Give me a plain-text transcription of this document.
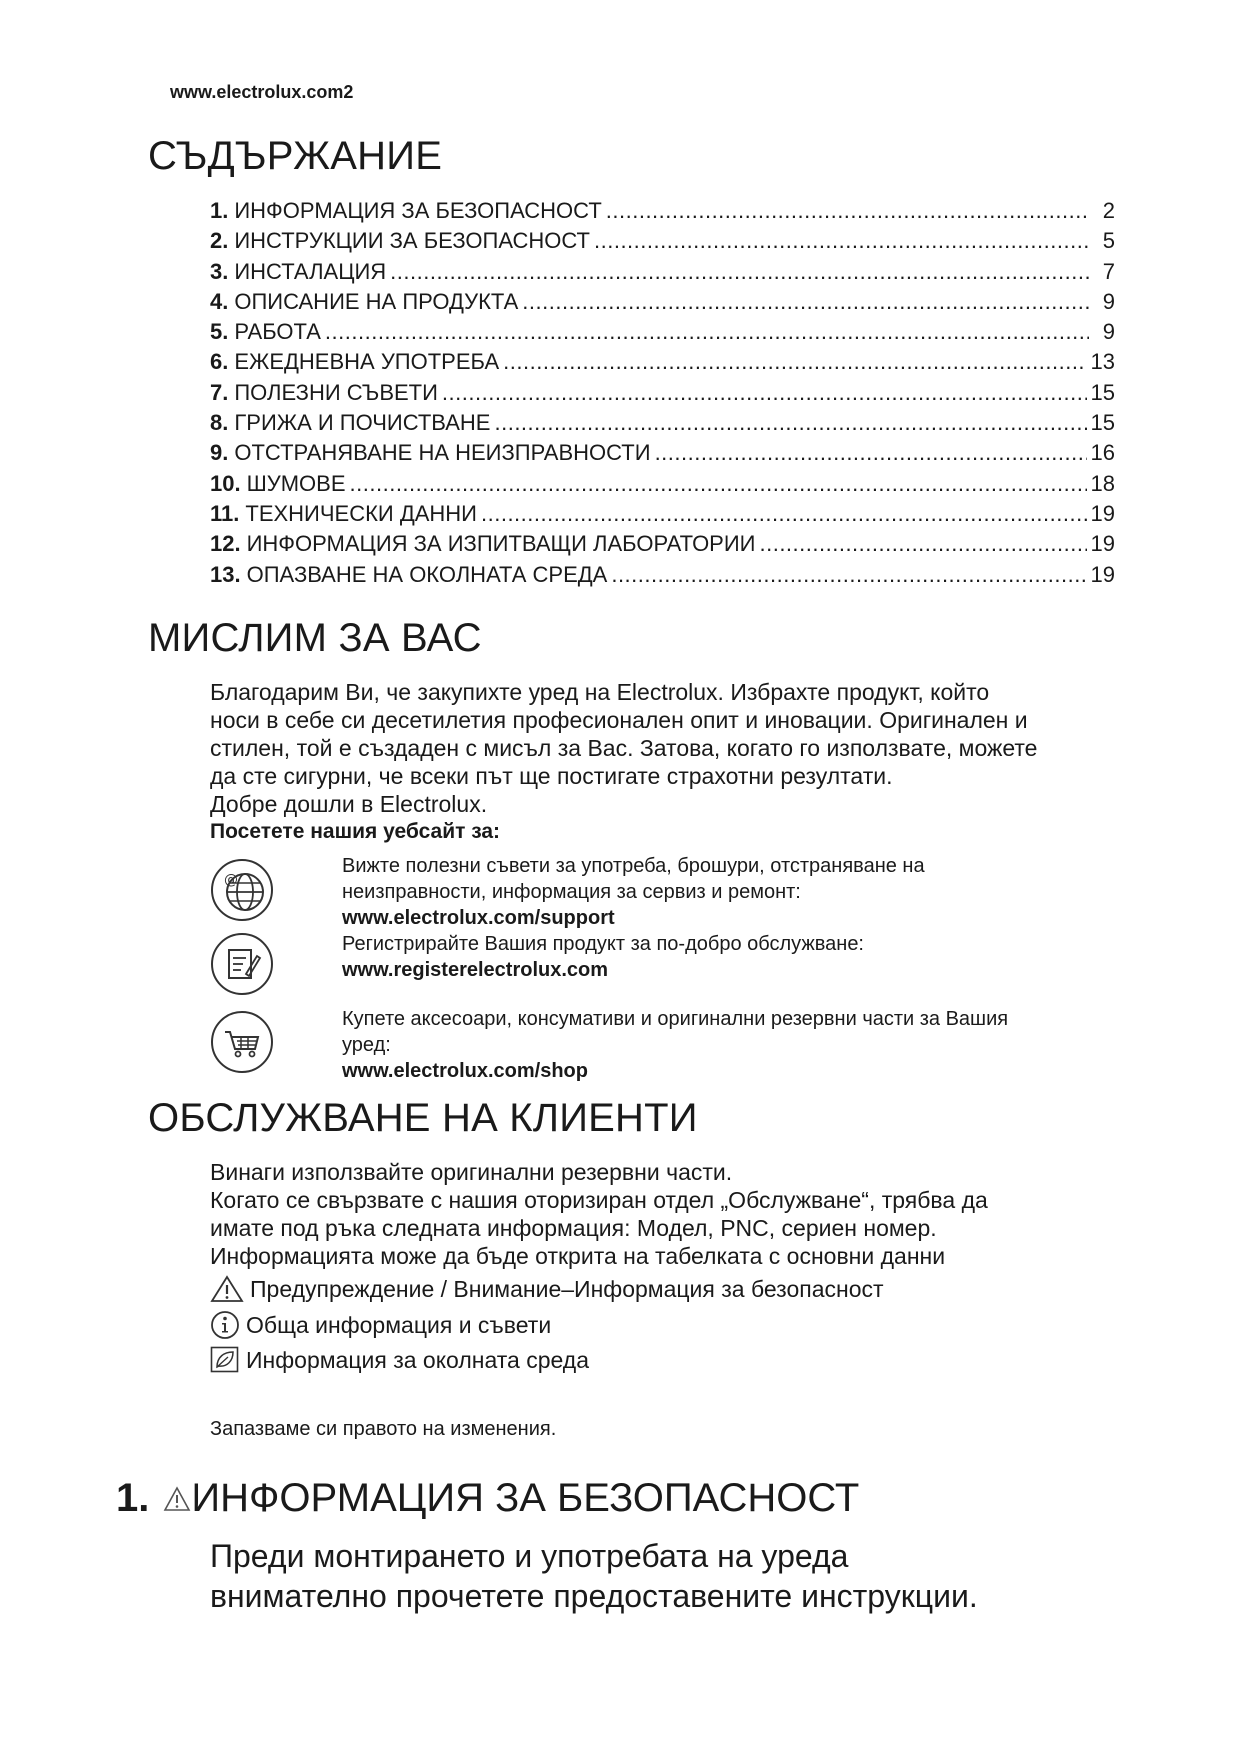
www.electrolux.com2
СЪДЪРЖАНИЕ
1. ИНФОРМАЦИЯ ЗА БЕЗОПАСНОСТ .....	2
2. ИНСТРУКЦИИ ЗА БЕЗОПАСНОСТ .....	5
3. ИНСТАЛАЦИЯ .....	7
4. ОПИСАНИЕ НА ПРОДУКТА .....	9
5. РАБОТА .....	9
6. ЕЖЕДНЕВНА УПОТРЕБА .....	13
7. ПОЛЕЗНИ СЪВЕТИ .....	15
8. ГРИЖА И ПОЧИСТВАНЕ .....	15
9. ОТСТРАНЯВАНЕ НА НЕИЗПРАВНОСТИ .....	16
10. ШУМОВЕ .....	18
11. ТЕХНИЧЕСКИ ДАННИ .....	19
12. ИНФОРМАЦИЯ ЗА ИЗПИТВАЩИ ЛАБОРАТОРИИ .....	19
13. ОПАЗВАНЕ НА ОКОЛНАТА СРЕДА .....	19
МИСЛИМ ЗА ВАС
Благодарим Ви, че закупихте уред на Electrolux. Избрахте продукт, който
носи в себе си десетилетия професионален опит и иновации. Оригинален и
стилен, той е създаден с мисъл за Вас. Затова, когато го използвате, можете
да сте сигурни, че всеки път ще постигате страхотни резултати.
Добре дошли в Electrolux.
Посетете нашия уебсайт за:
@
Вижте полезни съвети за употреба, брошури, отстраняване на
неизправности, информация за сервиз и ремонт:
www.electrolux.com/support
Регистрирайте Вашия продукт за по-добро обслужване:
www.registerelectrolux.com
Купете аксесоари, консумативи и оригинални резервни части за Вашия
уред:
www.electrolux.com/shop
ОБСЛУЖВАНЕ НА КЛИЕНТИ
Винаги използвайте оригинални резервни части.
Когато се свързвате с нашия оторизиран отдел „Обслужване“, трябва да
имате под ръка следната информация: Модел, PNC, сериен номер.
Информацията може да бъде открита на табелката с основни данни
Предупреждение / Внимание–Информация за безопасност
Обща информация и съвети
Информация за околната среда
Запазваме си правото на изменения.
1. ИНФОРМАЦИЯ ЗА БЕЗОПАСНОСТ
Преди монтирането и употребата на уреда
внимателно прочетете предоставените инструкции.
